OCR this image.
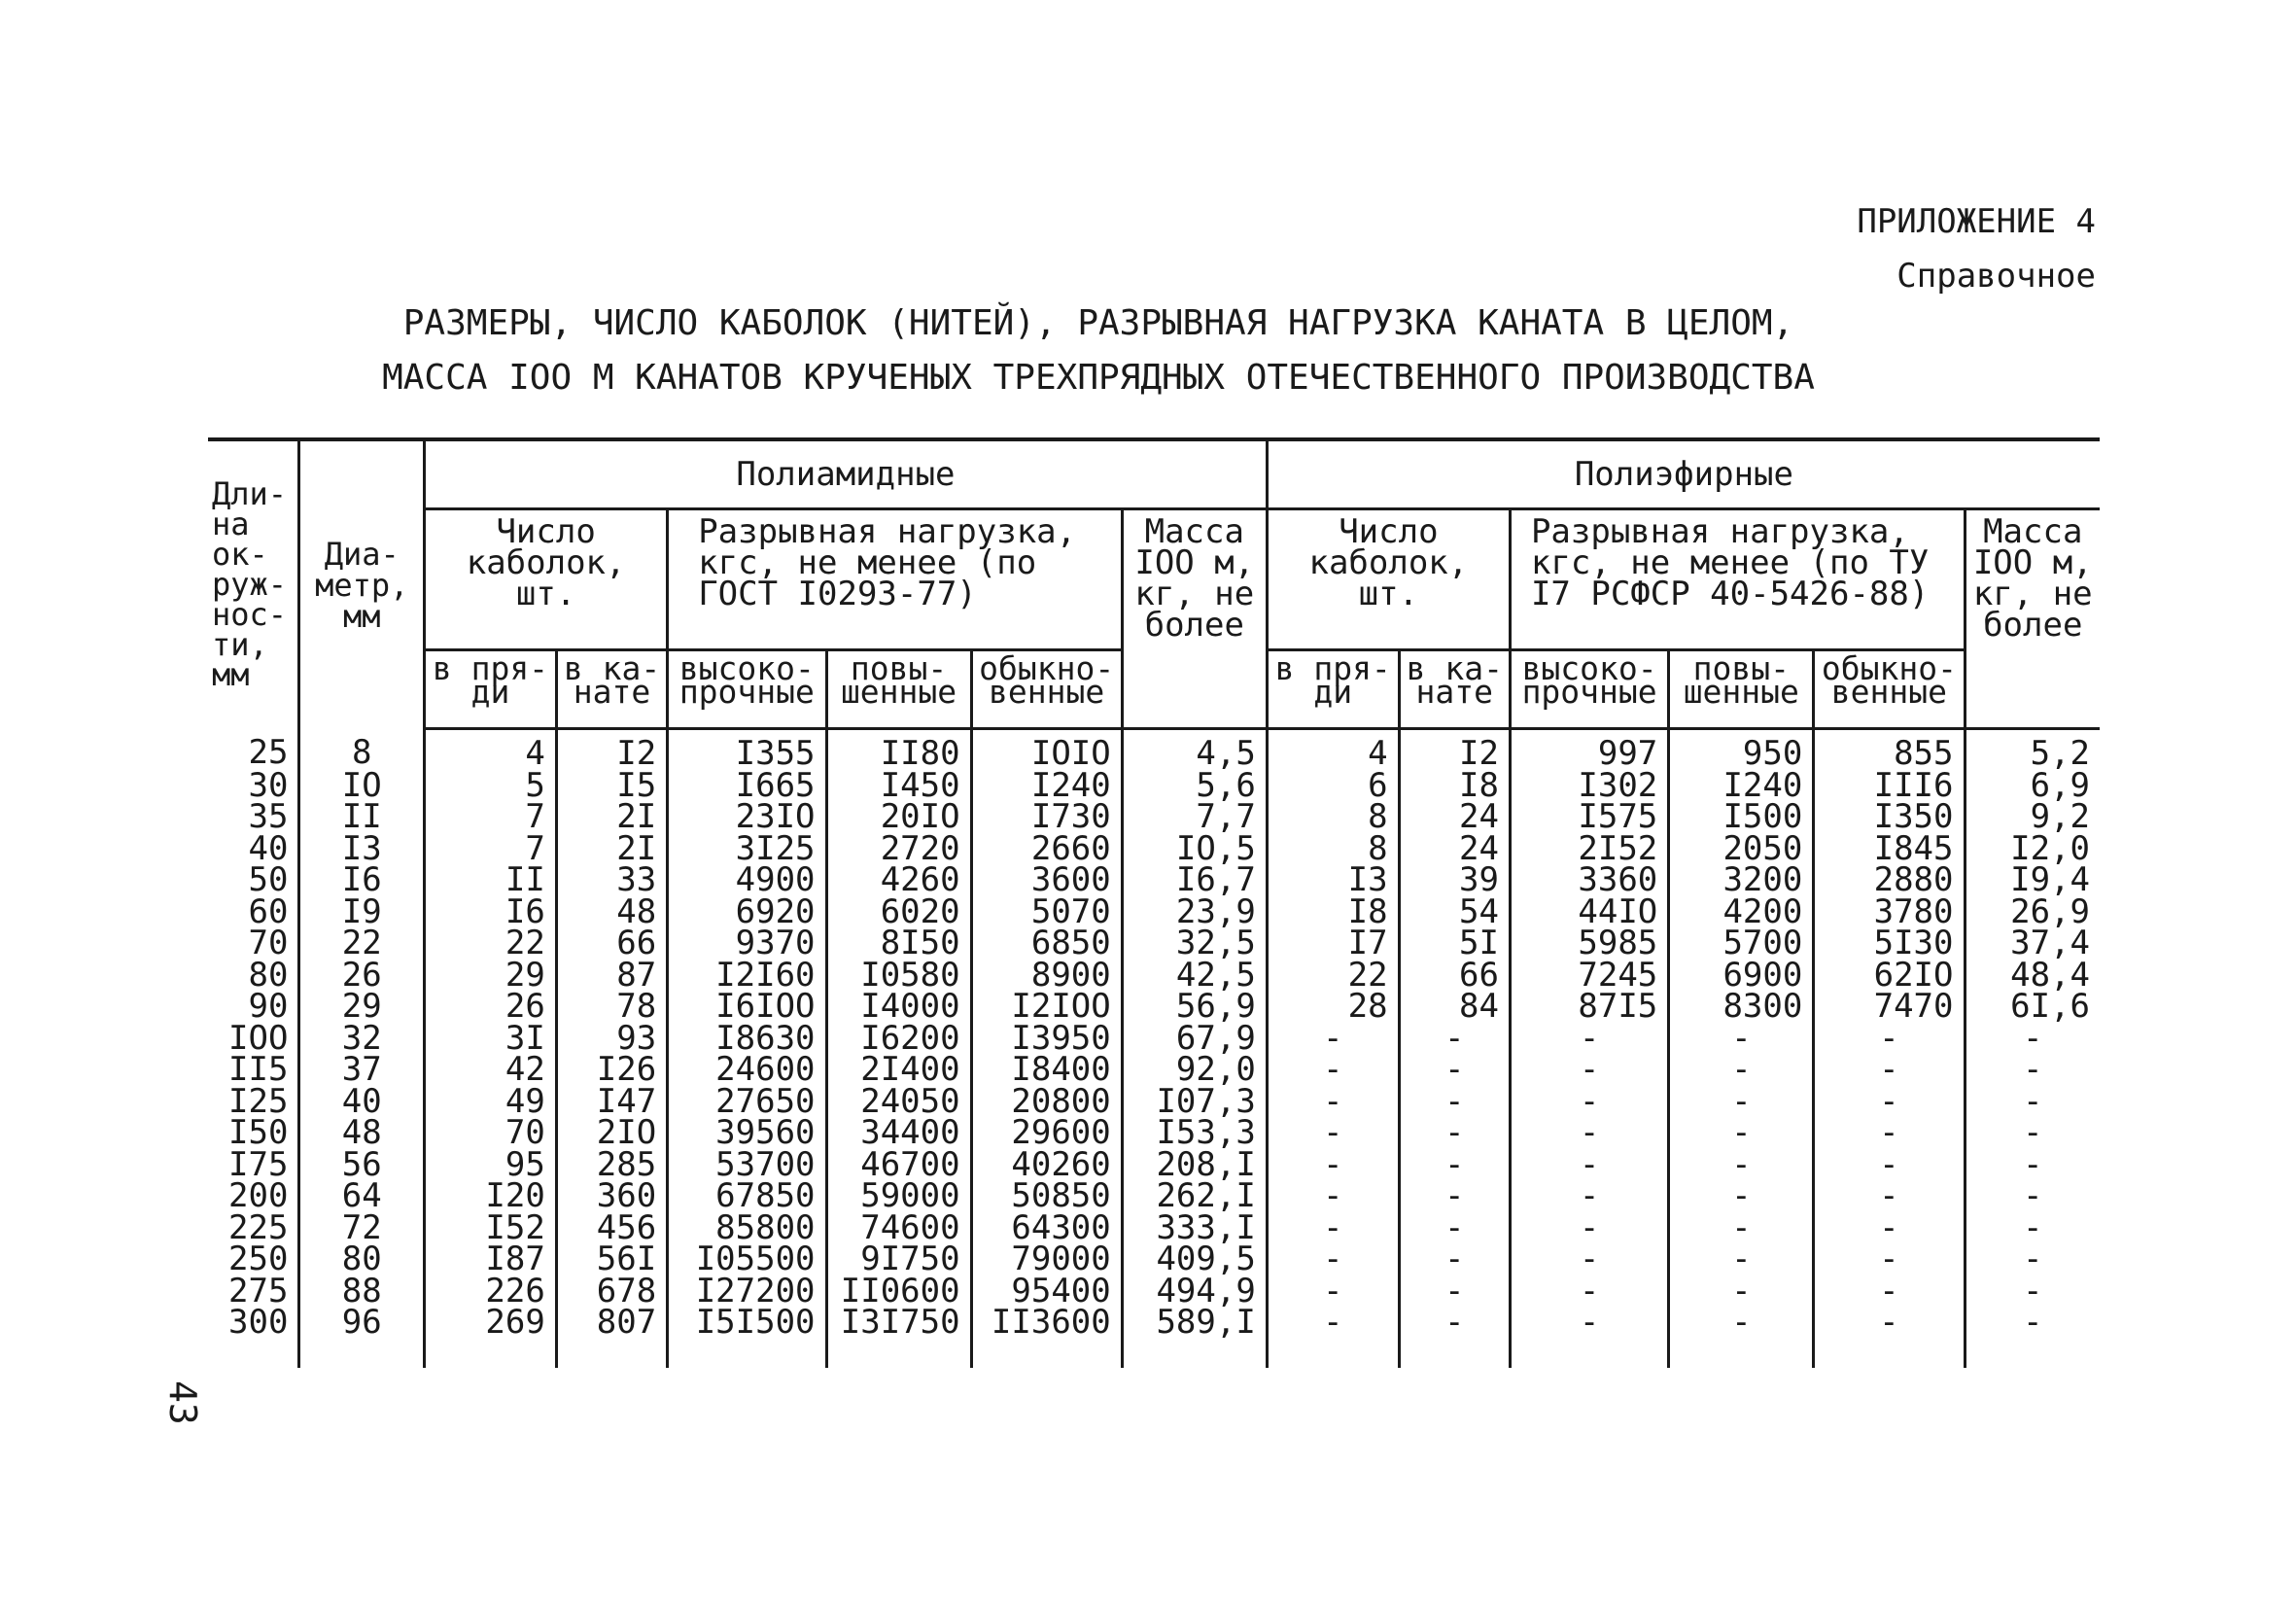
ПРИЛОЖЕНИЕ 4
Справочное
РАЗМЕРЫ, ЧИСЛО КАБОЛОК (НИТЕЙ), РАЗРЫВНАЯ НАГРУЗКА КАНАТА В ЦЕЛОМ,
МАССА IOO М КАНАТОВ КРУЧЕНЫХ ТРЕХПРЯДНЫХ ОТЕЧЕСТВЕННОГО ПРОИЗВОДСТВА
Дли-на ок-руж-нос-ти, мм	Диа-метр, мм	Полиамидные						Полиэфирные					
		Число каболок, шт.		Разрывная нагрузка, кгс, не менее (по ГОСТ I0293-77)			Масса IOO м, кг, не более	Число каболок, шт.		Разрывная нагрузка, кгс, не менее (по ТУ I7 РСФСР 40-5426-88)			Масса IOO м, кг, не более
		в пря-ди	в ка-нате	высоко-прочные	повы-шенные	обыкно-венные		в пря-ди	в ка-нате	высоко-прочные	повы-шенные	обыкно-венные	
25	8	4	I2	I355	II80	IOIO	4,5	4	I2	997	950	855	5,2
30	IO	5	I5	I665	I450	I240	5,6	6	I8	I302	I240	III6	6,9
35	II	7	2I	23IO	20IO	I730	7,7	8	24	I575	I500	I350	9,2
40	I3	7	2I	3I25	2720	2660	IO,5	8	24	2I52	2050	I845	I2,0
50	I6	II	33	4900	4260	3600	I6,7	I3	39	3360	3200	2880	I9,4
60	I9	I6	48	6920	6020	5070	23,9	I8	54	44IO	4200	3780	26,9
70	22	22	66	9370	8I50	6850	32,5	I7	5I	5985	5700	5I30	37,4
80	26	29	87	I2I60	I0580	8900	42,5	22	66	7245	6900	62IO	48,4
90	29	26	78	I6IOO	I4000	I2IOO	56,9	28	84	87I5	8300	7470	6I,6
IOO	32	3I	93	I8630	I6200	I3950	67,9	-	-	-	-	-	-
II5	37	42	I26	24600	2I400	I8400	92,0	-	-	-	-	-	-
I25	40	49	I47	27650	24050	20800	I07,3	-	-	-	-	-	-
I50	48	70	2IO	39560	34400	29600	I53,3	-	-	-	-	-	-
I75	56	95	285	53700	46700	40260	208,I	-	-	-	-	-	-
200	64	I20	360	67850	59000	50850	262,I	-	-	-	-	-	-
225	72	I52	456	85800	74600	64300	333,I	-	-	-	-	-	-
250	80	I87	56I	I05500	9I750	79000	409,5	-	-	-	-	-	-
275	88	226	678	I27200	II0600	95400	494,9	-	-	-	-	-	-
300	96	269	807	I5I500	I3I750	II3600	589,I	-	-	-	-	-	-
43
